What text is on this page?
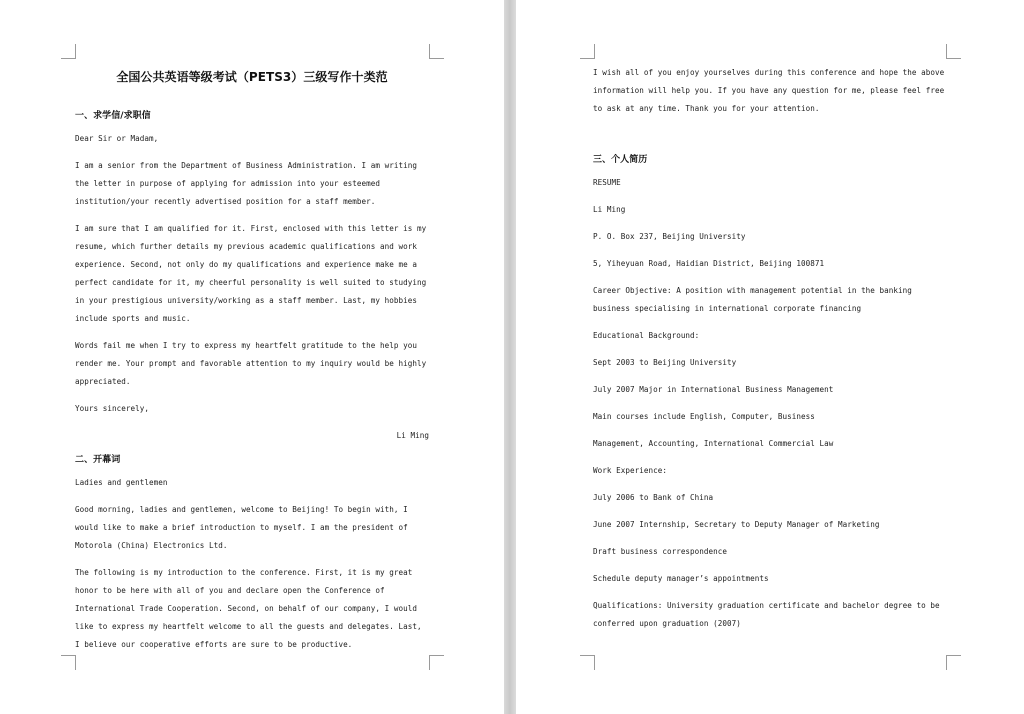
全国公共英语等级考试（PETS3）三级写作十类范

一、求学信/求职信

Dear Sir or Madam,

I am a senior from the Department of Business Administration. I am writing the letter in purpose of applying for admission into your esteemed institution/your recently advertised position for a staff member.

I am sure that I am qualified for it. First, enclosed with this letter is my resume, which further details my previous academic qualifications and work experience. Second, not only do my qualifications and experience make me a perfect candidate for it, my cheerful personality is well suited to studying in your prestigious university/working as a staff member. Last, my hobbies include sports and music.

Words fail me when I try to express my heartfelt gratitude to the help you render me. Your prompt and favorable attention to my inquiry would be highly appreciated.

Yours sincerely,

Li Ming

二、开幕词

Ladies and gentlemen

Good morning, ladies and gentlemen, welcome to Beijing! To begin with, I would like to make a brief introduction to myself. I am the president of Motorola (China) Electronics Ltd.

The following is my introduction to the conference. First, it is my great honor to be here with all of you and declare open the Conference of International Trade Cooperation. Second, on behalf of our company, I would like to express my heartfelt welcome to all the guests and delegates. Last, I believe our cooperative efforts are sure to be productive.

I wish all of you enjoy yourselves during this conference and hope the above information will help you. If you have any question for me, please feel free to ask at any time. Thank you for your attention.

三、个人简历

RESUME

Li Ming

P. O. Box 237, Beijing University

5, Yiheyuan Road, Haidian District, Beijing 100871

Career Objective: A position with management potential in the banking business specialising in international corporate financing

Educational Background:

Sept 2003 to Beijing University

July 2007 Major in International Business Management

Main courses include English, Computer, Business

Management, Accounting, International Commercial Law

Work Experience:

July 2006 to Bank of China

June 2007 Internship, Secretary to Deputy Manager of Marketing

Draft business correspondence

Schedule deputy manager’s appointments

Qualifications: University graduation certificate and bachelor degree to be conferred upon graduation (2007)
